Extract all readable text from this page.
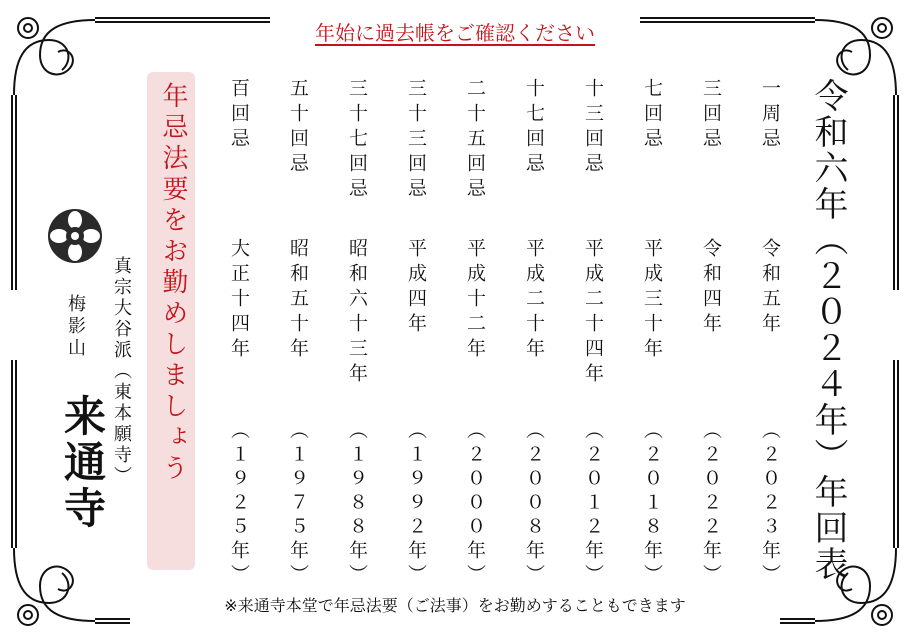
年始に過去帳をご確認ください
令和六年（２０２４年）年回表
一周忌
令和五年
（２０２３年）
三回忌
令和四年
（２０２２年）
七回忌
平成三十年
（２０１８年）
十三回忌
平成二十四年
（２０１２年）
十七回忌
平成二十年
（２００８年）
二十五回忌
平成十二年
（２０００年）
三十三回忌
平成四年
（１９９２年）
三十七回忌
昭和六十三年
（１９８８年）
五十回忌
昭和五十年
（１９７５年）
百回忌
大正十四年
（１９２５年）
年忌法要をお勤めしましょう
真宗大谷派（東本願寺）
梅影山
来通寺
※来通寺本堂で年忌法要（ご法事）をお勤めすることもできます
